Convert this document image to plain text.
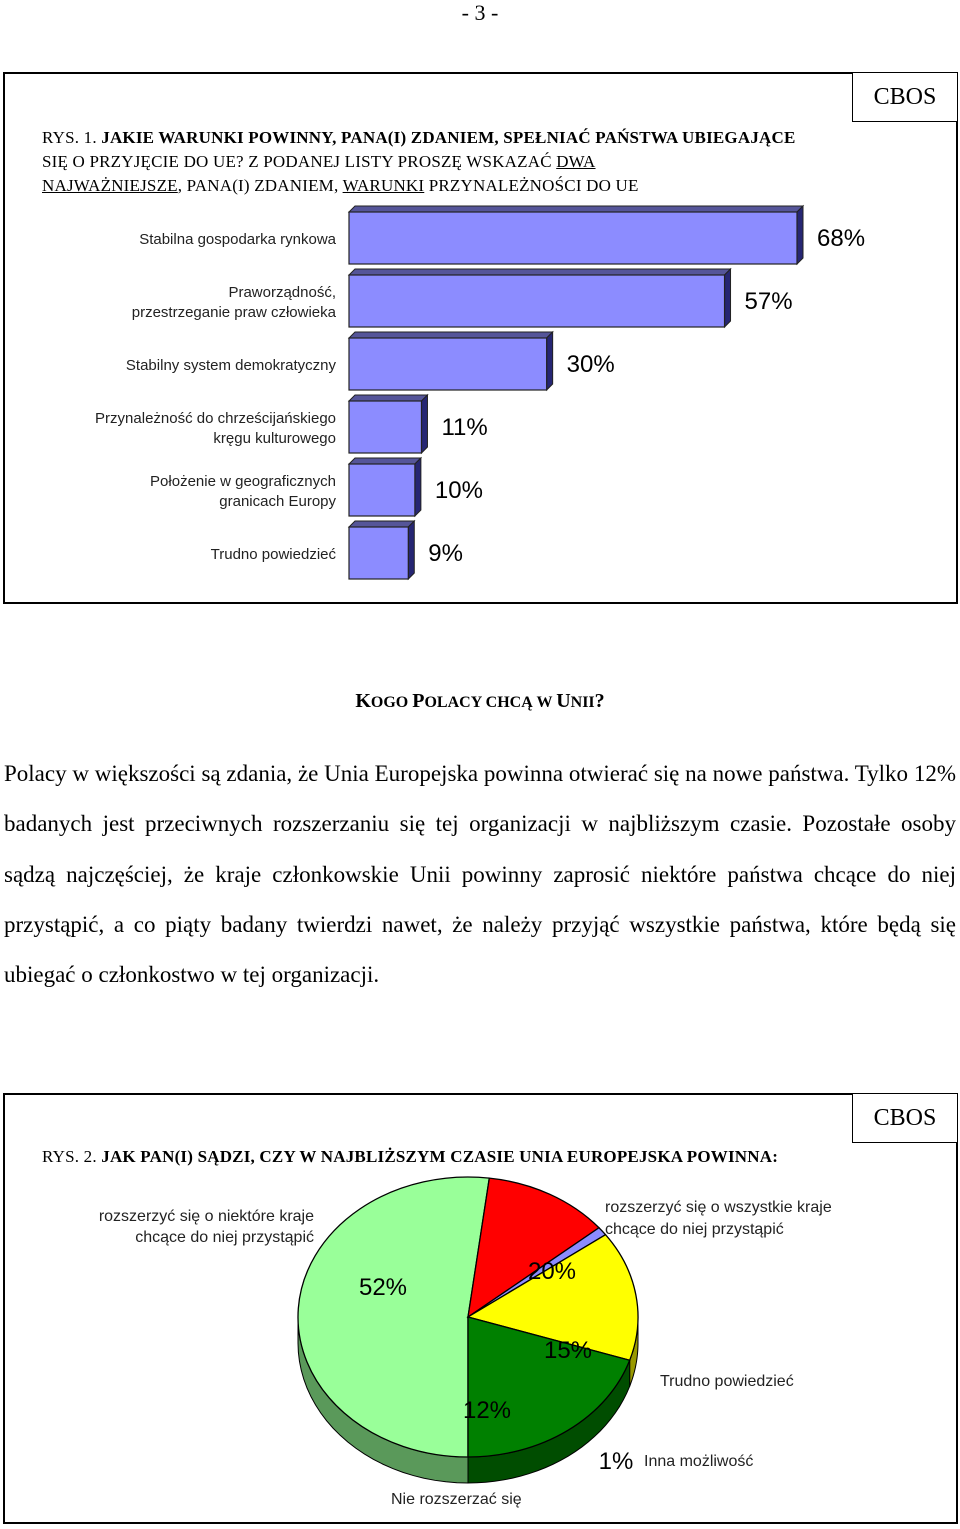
- 3 -
CBOS
RYS. 1. JAKIE WARUNKI POWINNY, PANA(I) ZDANIEM, SPEŁNIAĆ PAŃSTWA UBIEGAJĄCE
SIĘ O PRZYJĘCIE DO UE? Z PODANEJ LISTY PROSZĘ WSKAZAĆ DWA
NAJWAŻNIEJSZE, PANA(I) ZDANIEM, WARUNKI PRZYNALEŻNOŚCI DO UE
68%
Stabilna gospodarka rynkowa
57%
Praworządność,
przestrzeganie praw człowieka
30%
Stabilny system demokratyczny
11%
Przynależność do chrześcijańskiego
kręgu kulturowego
10%
Położenie w geograficznych
granicach Europy
9%
Trudno powiedzieć
KOGO POLACY CHCĄ W UNII?
Polacy w większości są zdania, że Unia Europejska powinna otwierać się na nowe państwa. Tylko 12% badanych jest przeciwnych rozszerzaniu się tej organizacji w najbliższym czasie. Pozostałe osoby sądzą najczęściej, że kraje członkowskie Unii powinny zaprosić niektóre państwa chcące do niej przystąpić, a co piąty badany twierdzi nawet, że należy przyjąć wszystkie państwa, które będą się ubiegać o członkostwo w tej organizacji.
CBOS
RYS. 2. JAK PAN(I) SĄDZI, CZY W NAJBLIŻSZYM CZASIE UNIA EUROPEJSKA POWINNA:
52%
12%
1%
15%
20%
rozszerzyć się o niektóre kraje
chcące do niej przystąpić
rozszerzyć się o wszystkie kraje
chcące do niej przystąpić
Trudno powiedzieć
Inna możliwość
Nie rozszerzać się
